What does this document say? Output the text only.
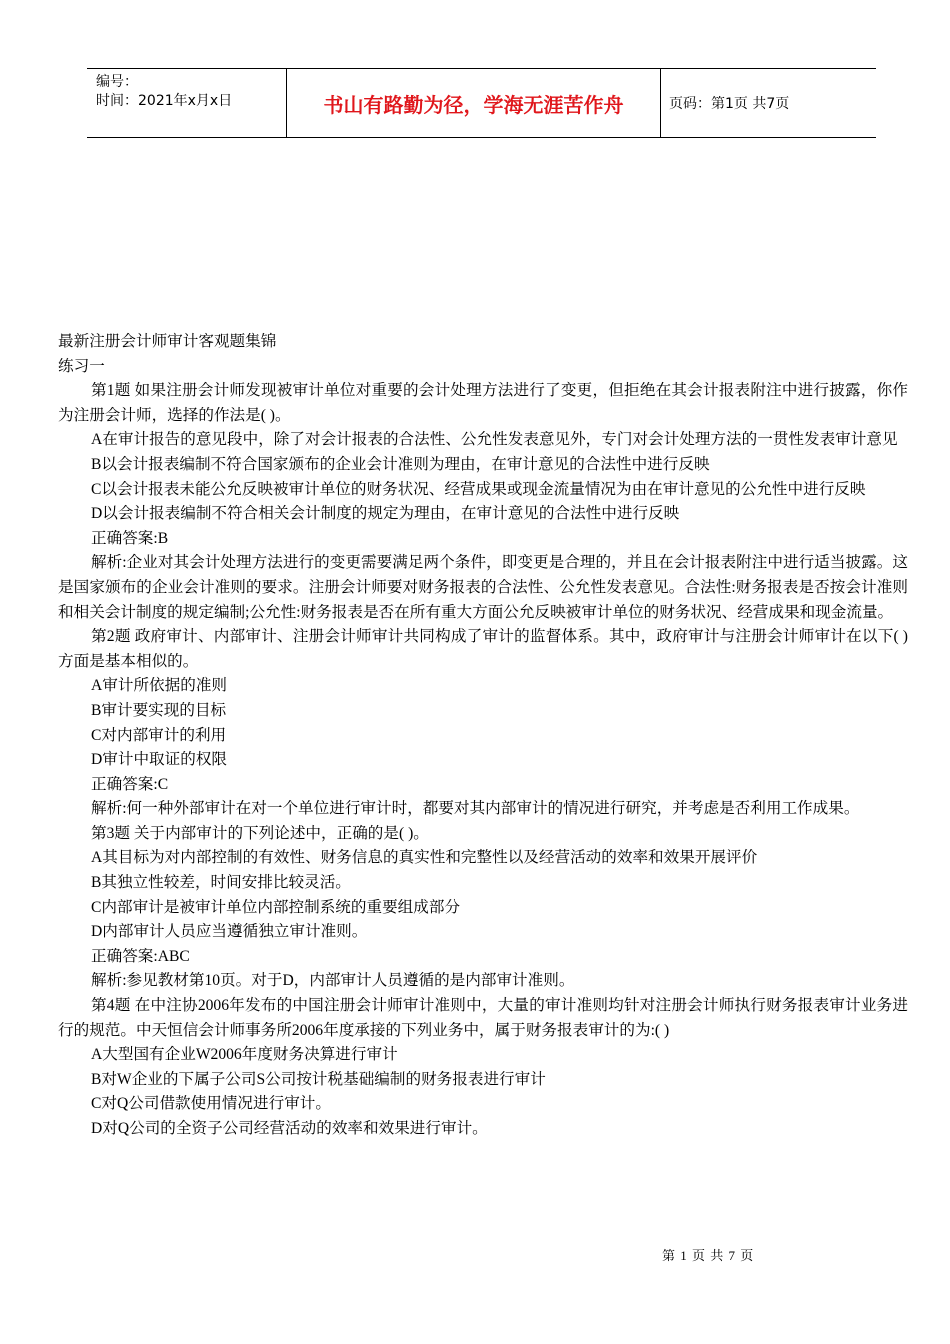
编号：
时间：2021年x月x日	书山有路勤为径，学海无涯苦作舟	页码：第1页 共7页

最新注册会计师审计客观题集锦

练习一

第1题 如果注册会计师发现被审计单位对重要的会计处理方法进行了变更，但拒绝在其会计报表附注中进行披露，你作为注册会计师，选择的作法是( )。

A在审计报告的意见段中，除了对会计报表的合法性、公允性发表意见外，专门对会计处理方法的一贯性发表审计意见

B以会计报表编制不符合国家颁布的企业会计准则为理由，在审计意见的合法性中进行反映

C以会计报表未能公允反映被审计单位的财务状况、经营成果或现金流量情况为由在审计意见的公允性中进行反映

D以会计报表编制不符合相关会计制度的规定为理由，在审计意见的合法性中进行反映

正确答案:B

解析:企业对其会计处理方法进行的变更需要满足两个条件，即变更是合理的，并且在会计报表附注中进行适当披露。这是国家颁布的企业会计准则的要求。注册会计师要对财务报表的合法性、公允性发表意见。合法性:财务报表是否按会计准则和相关会计制度的规定编制;公允性:财务报表是否在所有重大方面公允反映被审计单位的财务状况、经营成果和现金流量。

第2题 政府审计、内部审计、注册会计师审计共同构成了审计的监督体系。其中，政府审计与注册会计师审计在以下( )方面是基本相似的。

A审计所依据的准则

B审计要实现的目标

C对内部审计的利用

D审计中取证的权限

正确答案:C

解析:何一种外部审计在对一个单位进行审计时，都要对其内部审计的情况进行研究，并考虑是否利用工作成果。

第3题 关于内部审计的下列论述中，正确的是( )。

A其目标为对内部控制的有效性、财务信息的真实性和完整性以及经营活动的效率和效果开展评价

B其独立性较差，时间安排比较灵活。

C内部审计是被审计单位内部控制系统的重要组成部分

D内部审计人员应当遵循独立审计准则。

正确答案:ABC

解析:参见教材第10页。对于D，内部审计人员遵循的是内部审计准则。

第4题 在中注协2006年发布的中国注册会计师审计准则中，大量的审计准则均针对注册会计师执行财务报表审计业务进行的规范。中天恒信会计师事务所2006年度承接的下列业务中，属于财务报表审计的为:( )

A大型国有企业W2006年度财务决算进行审计

B对W企业的下属子公司S公司按计税基础编制的财务报表进行审计

C对Q公司借款使用情况进行审计。

D对Q公司的全资子公司经营活动的效率和效果进行审计。

第 1 页 共 7 页
